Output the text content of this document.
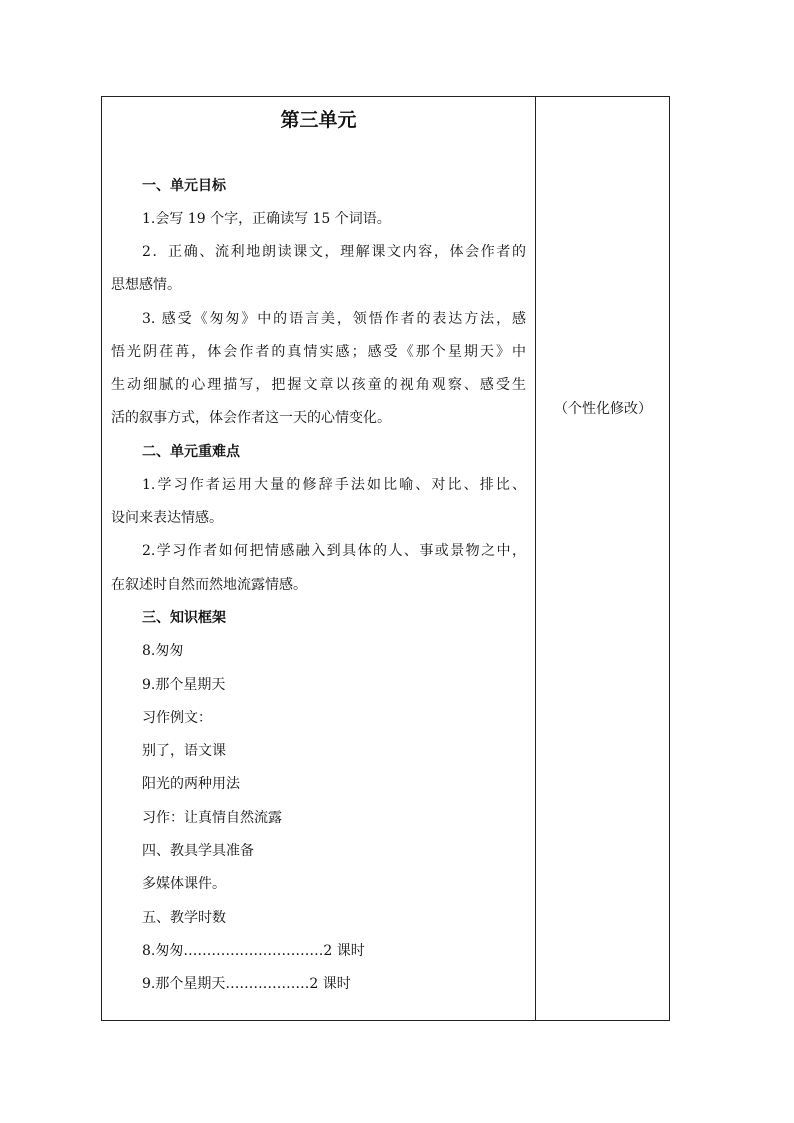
第三单元

一、单元目标

1.会写 19 个字，正确读写 15 个词语。

2．正确、流利地朗读课文，理解课文内容，体会作者的

思想感情。

3. 感受《匆匆》中的语言美，领悟作者的表达方法，感

悟光阴荏苒，体会作者的真情实感；感受《那个星期天》中

生动细腻的心理描写，把握文章以孩童的视角观察、感受生

活的叙事方式，体会作者这一天的心情变化。

二、单元重难点

1.学习作者运用大量的修辞手法如比喻、对比、排比、

设问来表达情感。

2.学习作者如何把情感融入到具体的人、事或景物之中，

在叙述时自然而然地流露情感。

三、知识框架

8.匆匆

9.那个星期天

习作例文：

别了，语文课

阳光的两种用法

习作：让真情自然流露

四、教具学具准备

多媒体课件。

五、教学时数

8.匆匆…………………………2 课时

9.那个星期天………………2 课时

（个性化修改）
